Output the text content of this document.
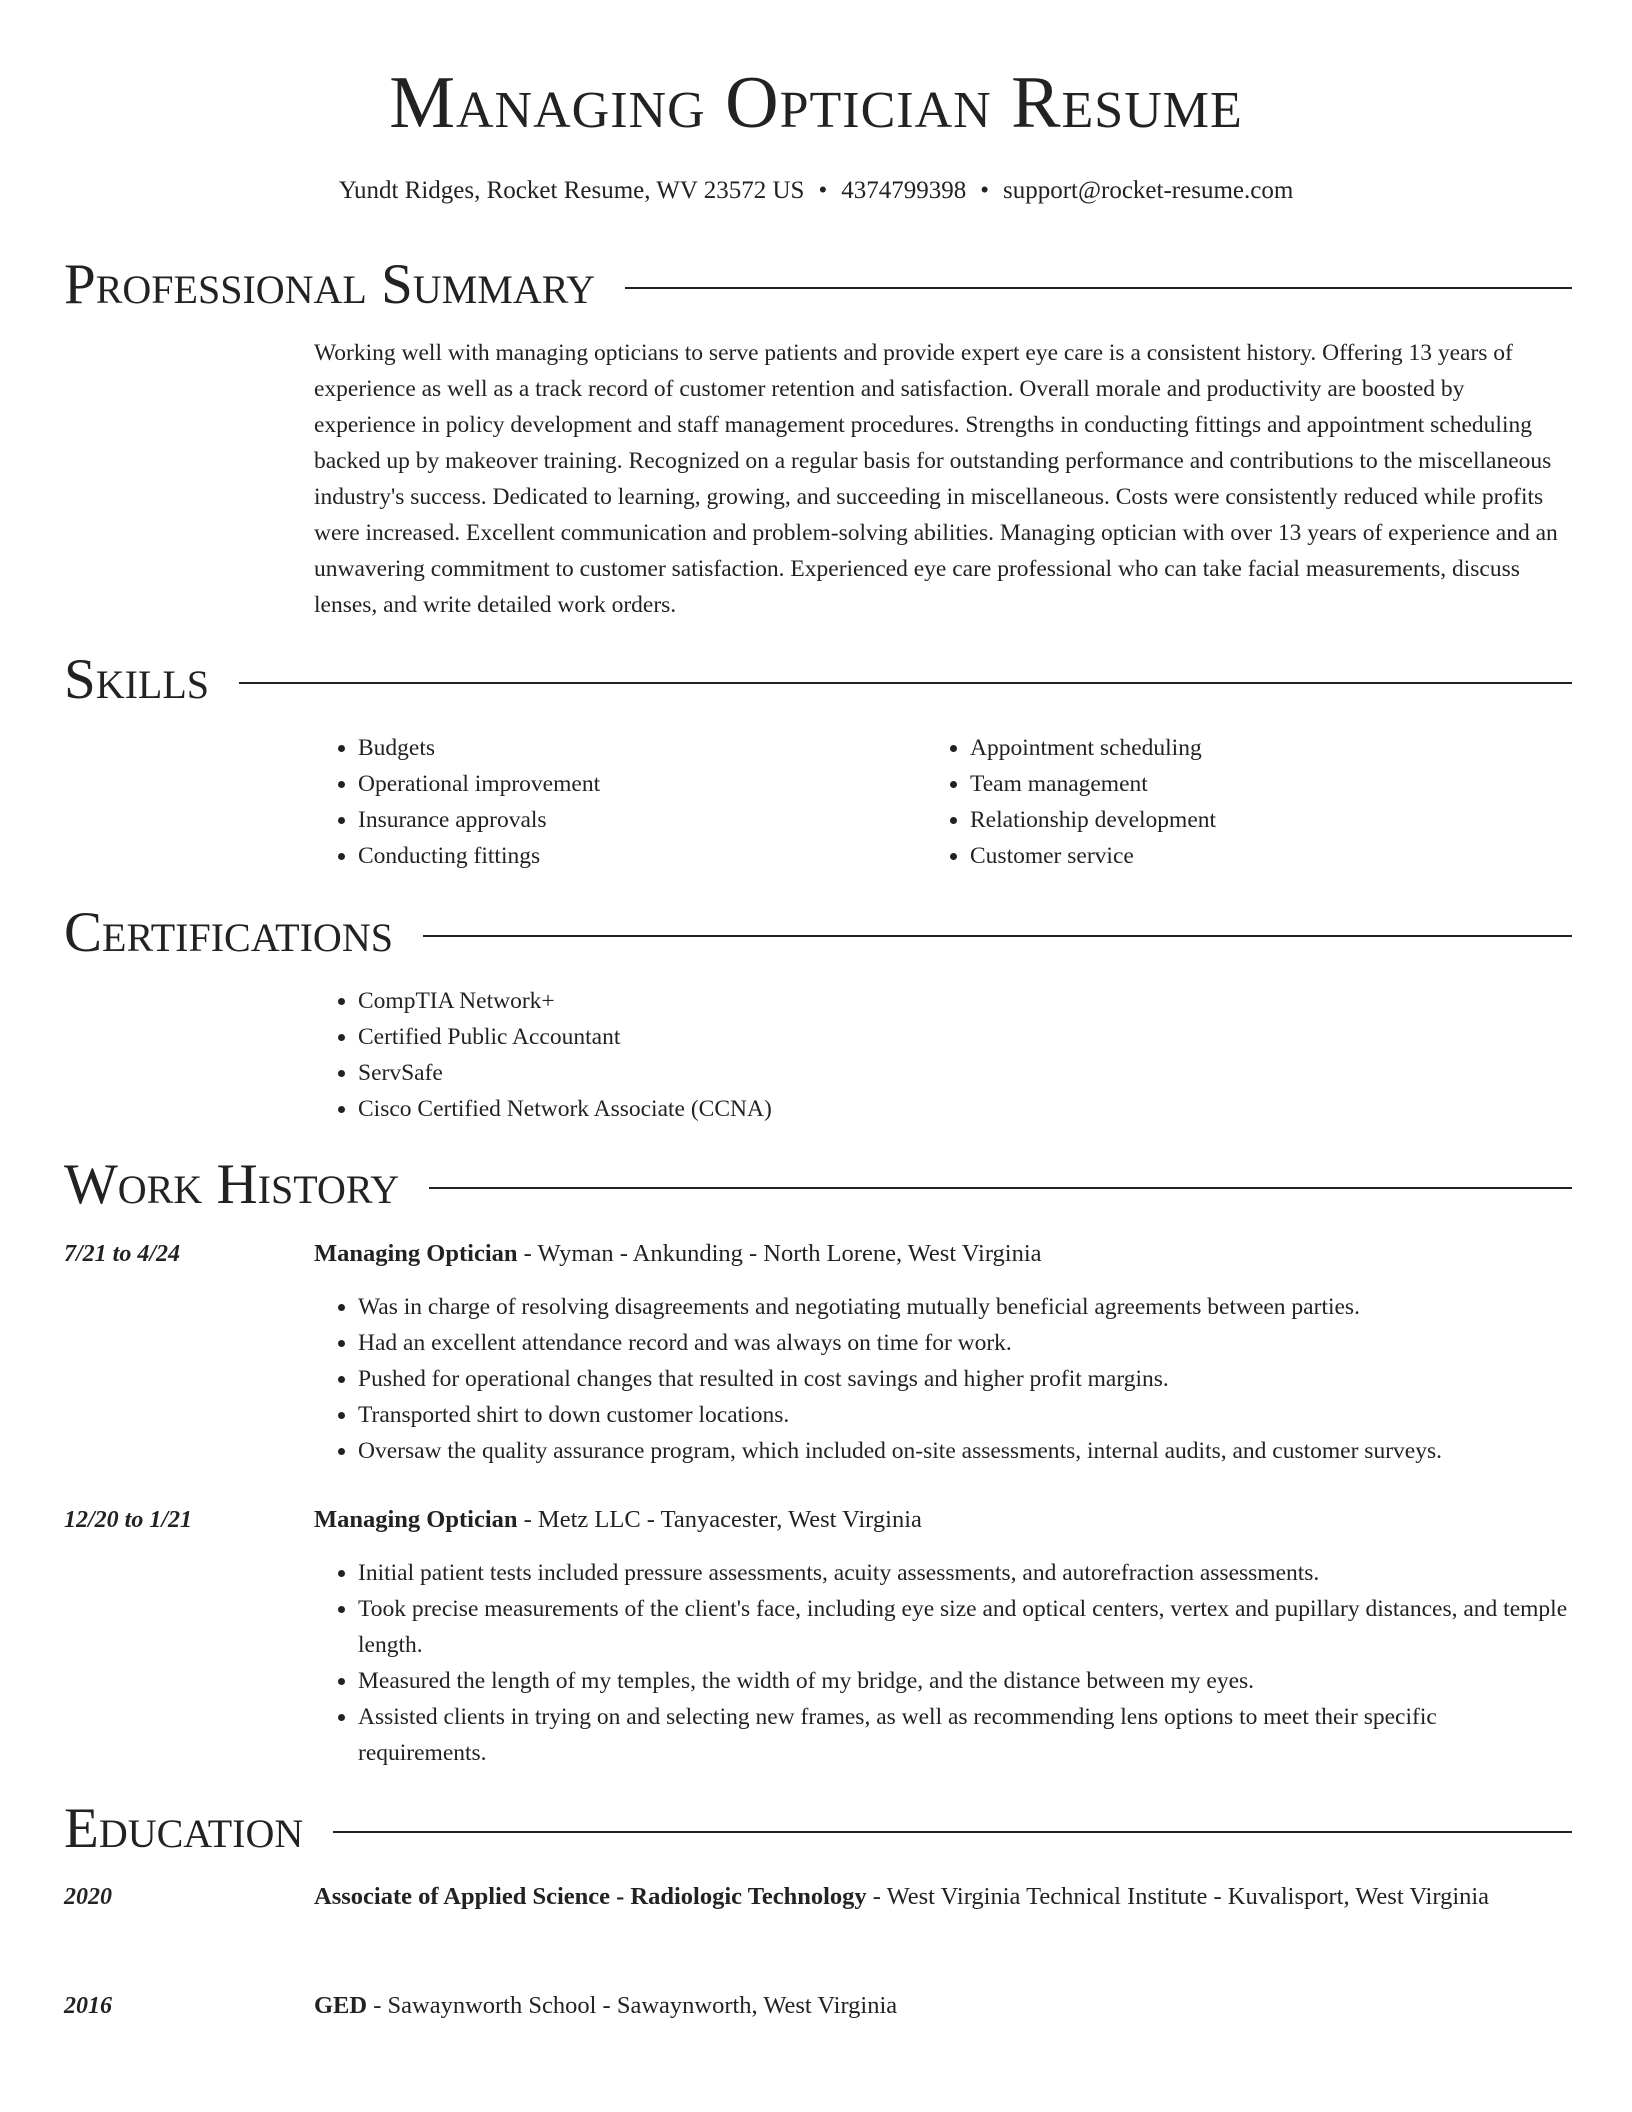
Managing Optician Resume
Yundt Ridges, Rocket Resume, WV 23572 US • 4374799398 • support@rocket-resume.com
Professional Summary
Working well with managing opticians to serve patients and provide expert eye care is a consistent history. Offering 13 years of experience as well as a track record of customer retention and satisfaction. Overall morale and productivity are boosted by experience in policy development and staff management procedures. Strengths in conducting fittings and appointment scheduling backed up by makeover training. Recognized on a regular basis for outstanding performance and contributions to the miscellaneous industry's success. Dedicated to learning, growing, and succeeding in miscellaneous. Costs were consistently reduced while profits were increased. Excellent communication and problem-solving abilities. Managing optician with over 13 years of experience and an unwavering commitment to customer satisfaction. Experienced eye care professional who can take facial measurements, discuss lenses, and write detailed work orders.
Skills
• Budgets
• Operational improvement
• Insurance approvals
• Conducting fittings
• Appointment scheduling
• Team management
• Relationship development
• Customer service
Certifications
• CompTIA Network+
• Certified Public Accountant
• ServSafe
• Cisco Certified Network Associate (CCNA)
Work History
7/21 to 4/24	Managing Optician - Wyman - Ankunding - North Lorene, West Virginia
• Was in charge of resolving disagreements and negotiating mutually beneficial agreements between parties.
• Had an excellent attendance record and was always on time for work.
• Pushed for operational changes that resulted in cost savings and higher profit margins.
• Transported shirt to down customer locations.
• Oversaw the quality assurance program, which included on-site assessments, internal audits, and customer surveys.
12/20 to 1/21	Managing Optician - Metz LLC - Tanyacester, West Virginia
• Initial patient tests included pressure assessments, acuity assessments, and autorefraction assessments.
• Took precise measurements of the client's face, including eye size and optical centers, vertex and pupillary distances, and temple length.
• Measured the length of my temples, the width of my bridge, and the distance between my eyes.
• Assisted clients in trying on and selecting new frames, as well as recommending lens options to meet their specific requirements.
Education
2020	Associate of Applied Science - Radiologic Technology - West Virginia Technical Institute - Kuvalisport, West Virginia
2016	GED - Sawaynworth School - Sawaynworth, West Virginia
